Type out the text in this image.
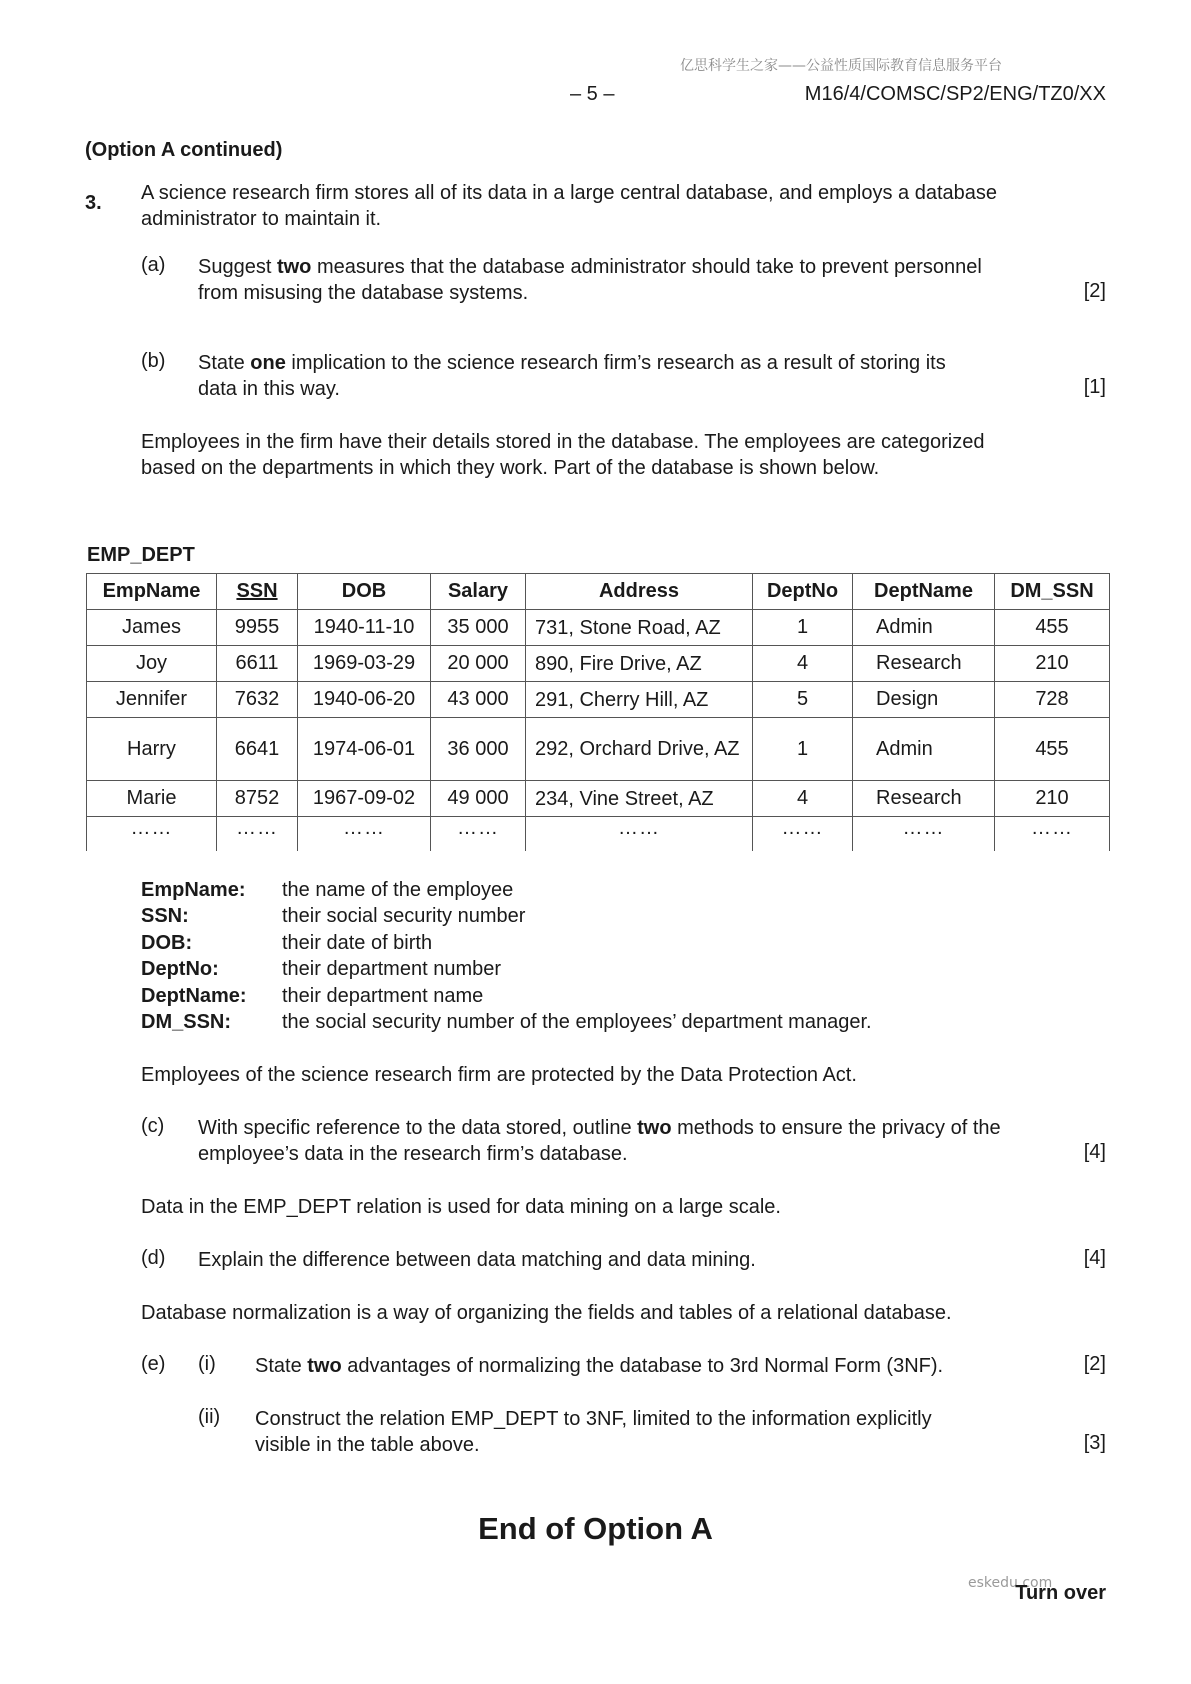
亿思科学生之家——公益性质国际教育信息服务平台
– 5 –	M16/4/COMSC/SP2/ENG/TZ0/XX
(Option A continued)
3. A science research firm stores all of its data in a large central database, and employs a database administrator to maintain it.
(a) Suggest two measures that the database administrator should take to prevent personnel
from misusing the database systems.	[2]
(b) State one implication to the science research firm’s research as a result of storing its
data in this way.	[1]
Employees in the firm have their details stored in the database. The employees are categorized based on the departments in which they work. Part of the database is shown below.
EMP_DEPT
EmpName	SSN	DOB	Salary	Address	DeptNo	DeptName	DM_SSN
James	9955	1940-11-10	35 000	731, Stone Road, AZ	1	Admin	455
Joy	6611	1969-03-29	20 000	890, Fire Drive, AZ	4	Research	210
Jennifer	7632	1940-06-20	43 000	291, Cherry Hill, AZ	5	Design	728
Harry	6641	1974-06-01	36 000	292, Orchard Drive, AZ	1	Admin	455
Marie	8752	1967-09-02	49 000	234, Vine Street, AZ	4	Research	210
……	……	……	……	……	……	……	……
EmpName: the name of the employee
SSN:	their social security number
DOB:	their date of birth
DeptNo:	their department number
DeptName: their department name
DM_SSN:	the social security number of the employees’ department manager.
Employees of the science research firm are protected by the Data Protection Act.
(c) With specific reference to the data stored, outline two methods to ensure the privacy of the
employee’s data in the research firm’s database.	[4]
Data in the EMP_DEPT relation is used for data mining on a large scale.
(d) Explain the difference between data matching and data mining.	[4]
Database normalization is a way of organizing the fields and tables of a relational database.
(e) (i) State two advantages of normalizing the database to 3rd Normal Form (3NF).	[2]
(ii) Construct the relation EMP_DEPT to 3NF, limited to the information explicitly
visible in the table above.	[3]
End of Option A
eskedu.com
Turn over
